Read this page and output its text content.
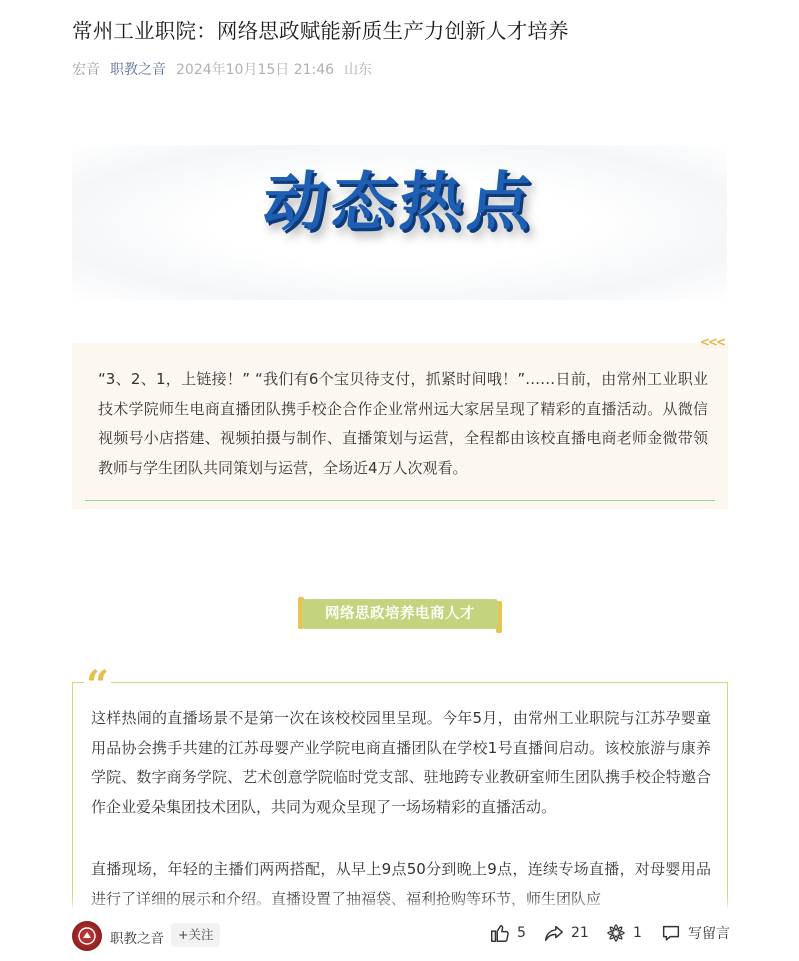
常州工业职院：网络思政赋能新质生产力创新人才培养
宏音 职教之音 2024年10月15日 21:46 山东
动态热点
<<<
“3、2、1，上链接！” “我们有6个宝贝待支付，抓紧时间哦！”……日前，由常州工业职业技术学院师生电商直播团队携手校企合作企业常州远大家居呈现了精彩的直播活动。从微信视频号小店搭建、视频拍摄与制作、直播策划与运营，全程都由该校直播电商老师金微带领教师与学生团队共同策划与运营，全场近4万人次观看。
网络思政培养电商人才
这样热闹的直播场景不是第一次在该校校园里呈现。今年5月，由常州工业职院与江苏孕婴童用品协会携手共建的江苏母婴产业学院电商直播团队在学校1号直播间启动。该校旅游与康养学院、数字商务学院、艺术创意学院临时党支部、驻地跨专业教研室师生团队携手校企特邀合作企业爱朵集团技术团队，共同为观众呈现了一场场精彩的直播活动。
直播现场，年轻的主播们两两搭配，从早上9点50分到晚上9点，连续专场直播，对母婴用品进行了详细的展示和介绍。直播设置了抽福袋、福利抢购等环节，师生团队应
“
职教之音	+关注	5	21	1	写留言
